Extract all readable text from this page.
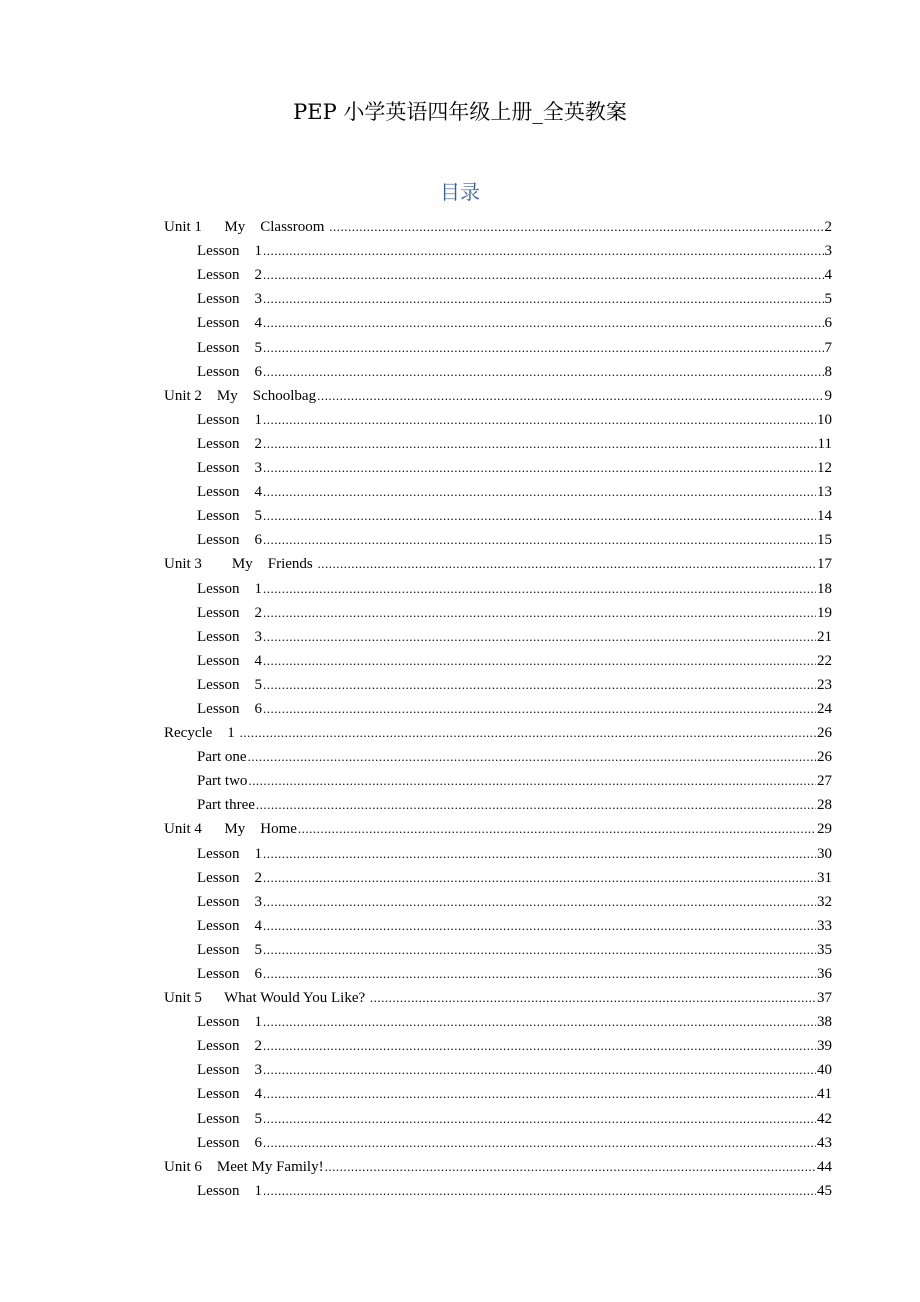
PEP 小学英语四年级上册_全英教案
目录
Unit 1      My    Classroom .....	2
Lesson    1 .....	3
Lesson    2 .....	4
Lesson    3 .....	5
Lesson    4 .....	6
Lesson    5 .....	7
Lesson    6 .....	8
Unit 2    My    Schoolbag .....	9
Lesson    1 .....	10
Lesson    2 .....	11
Lesson    3 .....	12
Lesson    4 .....	13
Lesson    5 .....	14
Lesson    6 .....	15
Unit 3        My    Friends .....	17
Lesson    1 .....	18
Lesson    2 .....	19
Lesson    3 .....	21
Lesson    4 .....	22
Lesson    5 .....	23
Lesson    6 .....	24
Recycle    1 .....	26
Part one .....	26
Part two .....	27
Part three .....	28
Unit 4      My    Home .....	29
Lesson    1 .....	30
Lesson    2 .....	31
Lesson    3 .....	32
Lesson    4 .....	33
Lesson    5 .....	35
Lesson    6 .....	36
Unit 5      What Would You Like? .....	37
Lesson    1 .....	38
Lesson    2 .....	39
Lesson    3 .....	40
Lesson    4 .....	41
Lesson    5 .....	42
Lesson    6 .....	43
Unit 6    Meet My Family! .....	44
Lesson    1 .....	45
